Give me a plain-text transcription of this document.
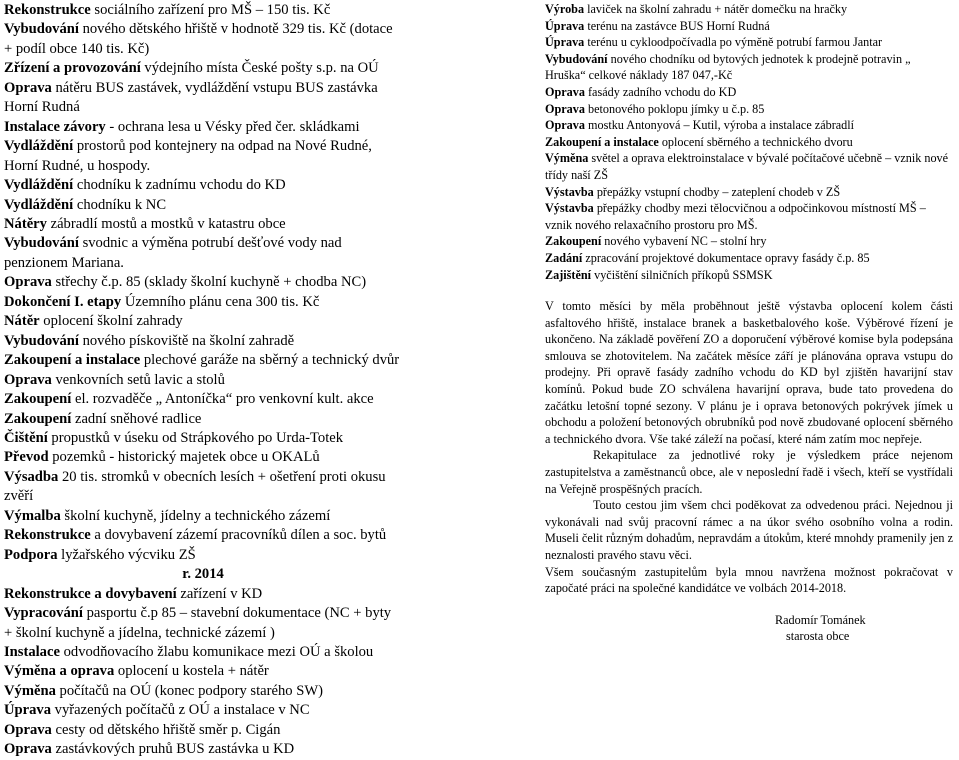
Rekonstrukce sociálního zařízení pro MŠ – 150 tis. Kč

Vybudování nového dětského hřiště v hodnotě 329 tis. Kč (dotace + podíl obce 140 tis. Kč)

Zřízení a provozování výdejního místa České pošty s.p. na OÚ

Oprava nátěru BUS zastávek, vydláždění vstupu BUS zastávka Horní Rudná

Instalace závory - ochrana lesa u Vésky před čer. skládkami

Vydláždění prostorů pod kontejnery na odpad na Nové Rudné, Horní Rudné, u hospody.

Vydláždění chodníku k zadnímu vchodu do KD

Vydláždění chodníku k NC

Nátěry zábradlí mostů a mostků v katastru obce

Vybudování svodnic a výměna potrubí dešťové vody nad penzionem Mariana.

Oprava střechy č.p. 85 (sklady školní kuchyně + chodba NC)

Dokončení I. etapy Územního plánu cena 300 tis. Kč

Nátěr oplocení školní zahrady

Vybudování nového pískoviště na školní zahradě

Zakoupení a instalace plechové garáže na sběrný a technický dvůr

Oprava venkovních setů lavic a stolů

Zakoupení el. rozvaděče „ Antoníčka“ pro venkovní kult. akce

Zakoupení zadní sněhové radlice

Čištění propustků v úseku od Strápkového po Urda-Totek

Převod pozemků - historický majetek obce u OKALů

Výsadba 20 tis. stromků v obecních lesích + ošetření proti okusu zvěří

Výmalba školní kuchyně, jídelny a technického zázemí

Rekonstrukce a dovybavení zázemí pracovníků dílen a soc. bytů

Podpora lyžařského výcviku ZŠ

r. 2014

Rekonstrukce a dovybavení zařízení v KD

Vypracování pasportu č.p 85 – stavební dokumentace (NC + byty + školní kuchyně a jídelna, technické zázemí )

Instalace odvodňovacího žlabu komunikace mezi OÚ a školou

Výměna a oprava oplocení u kostela + nátěr

Výměna počítačů na OÚ (konec podpory starého SW)

Úprava vyřazených počítačů z OÚ a instalace v NC

Oprava cesty od dětského hřiště směr p. Cigán

Oprava zastávkových pruhů BUS zastávka u KD

Výroba laviček na školní zahradu + nátěr domečku na hračky

Úprava terénu na zastávce BUS Horní Rudná

Úprava terénu u cykloodpočívadla po výměně potrubí farmou Jantar

Vybudování nového chodníku od bytových jednotek k prodejně potravin „ Hruška“ celkové náklady 187 047,-Kč

Oprava fasády zadního vchodu do KD

Oprava betonového poklopu jímky u č.p. 85

Oprava mostku Antonyová – Kutil, výroba a instalace zábradlí

Zakoupení a instalace oplocení sběrného a technického dvoru

Výměna světel a oprava elektroinstalace v bývalé počítačové učebně – vznik nové třídy naší ZŠ

Výstavba přepážky vstupní chodby – zateplení chodeb v ZŠ

Výstavba přepážky chodby mezi tělocvičnou a odpočinkovou místností MŠ – vznik nového relaxačního prostoru pro MŠ.

Zakoupení nového vybavení NC – stolní hry

Zadání zpracování projektové dokumentace opravy fasády č.p. 85

Zajištění vyčištění silničních příkopů SSMSK

V tomto měsíci by měla proběhnout ještě výstavba oplocení kolem části asfaltového hřiště, instalace branek a basketbalového koše. Výběrové řízení je ukončeno. Na základě pověření ZO a doporučení výběrové komise byla podepsána smlouva se zhotovitelem. Na začátek měsíce září je plánována oprava vstupu do prodejny. Při opravě fasády zadního vchodu do KD byl zjištěn havarijní stav komínů. Pokud bude ZO schválena havarijní oprava, bude tato provedena do začátku letošní topné sezony. V plánu je i oprava betonových pokrývek jímek u obchodu a položení betonových obrubníků pod nově zbudované oplocení sběrného a technického dvora. Vše také záleží na počasí, které nám zatím moc nepřeje.

Rekapitulace za jednotlivé roky je výsledkem práce nejenom zastupitelstva a zaměstnanců obce, ale v neposlední řadě i všech, kteří se vystřídali na Veřejně prospěšných pracích.

Touto cestou jim všem chci poděkovat za odvedenou práci. Nejednou ji vykonávali nad svůj pracovní rámec a na úkor svého osobního volna a rodin. Museli čelit různým dohadům, nepravdám a útokům, které mnohdy pramenily jen z neznalosti pravého stavu věci.

Všem současným zastupitelům byla mnou navržena možnost pokračovat v započaté práci na společné kandidátce ve volbách 2014-2018.

Radomír Tománek

starosta obce
